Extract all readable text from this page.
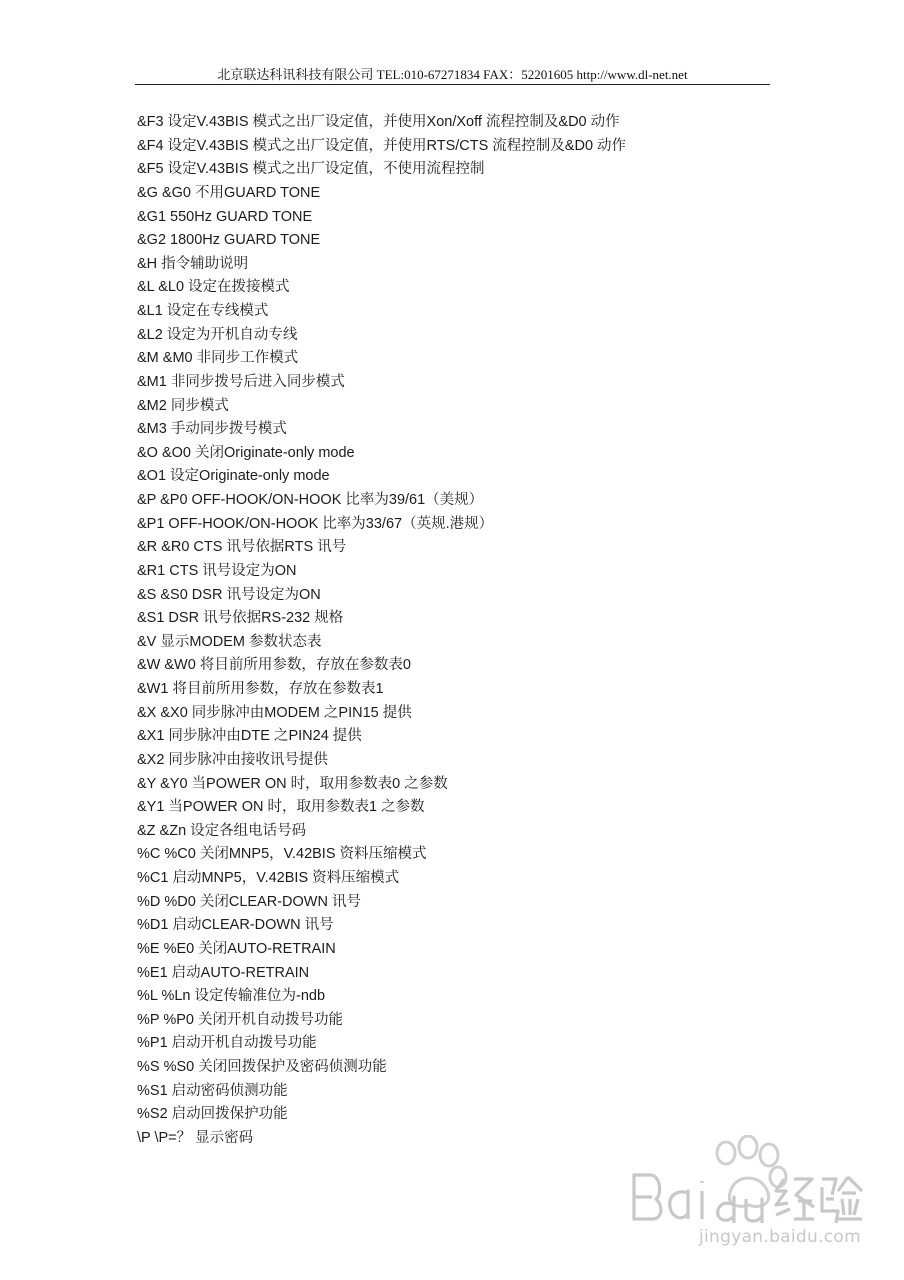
北京联达科讯科技有限公司 TEL:010-67271834 FAX：52201605 http://www.dl-net.net
&F3 设定V.43BIS 模式之出厂设定值，并使用Xon/Xoff 流程控制及&D0 动作
&F4 设定V.43BIS 模式之出厂设定值，并使用RTS/CTS 流程控制及&D0 动作
&F5 设定V.43BIS 模式之出厂设定值，不使用流程控制
&G &G0 不用GUARD TONE
&G1 550Hz GUARD TONE
&G2 1800Hz GUARD TONE
&H 指令辅助说明
&L &L0 设定在拨接模式
&L1 设定在专线模式
&L2 设定为开机自动专线
&M &M0 非同步工作模式
&M1 非同步拨号后进入同步模式
&M2 同步模式
&M3 手动同步拨号模式
&O &O0 关闭Originate-only mode
&O1 设定Originate-only mode
&P &P0 OFF-HOOK/ON-HOOK 比率为39/61（美规）
&P1 OFF-HOOK/ON-HOOK 比率为33/67（英规.港规）
&R &R0 CTS 讯号依据RTS 讯号
&R1 CTS 讯号设定为ON
&S &S0 DSR 讯号设定为ON
&S1 DSR 讯号依据RS-232 规格
&V 显示MODEM 参数状态表
&W &W0 将目前所用参数，存放在参数表0
&W1 将目前所用参数，存放在参数表1
&X &X0 同步脉冲由MODEM 之PIN15 提供
&X1 同步脉冲由DTE 之PIN24 提供
&X2 同步脉冲由接收讯号提供
&Y &Y0 当POWER ON 时，取用参数表0 之参数
&Y1 当POWER ON 时，取用参数表1 之参数
&Z &Zn 设定各组电话号码
%C %C0 关闭MNP5，V.42BIS 资料压缩模式
%C1 启动MNP5，V.42BIS 资料压缩模式
%D %D0 关闭CLEAR-DOWN 讯号
%D1 启动CLEAR-DOWN 讯号
%E %E0 关闭AUTO-RETRAIN
%E1 启动AUTO-RETRAIN
%L %Ln 设定传输准位为-ndb
%P %P0 关闭开机自动拨号功能
%P1 启动开机自动拨号功能
%S %S0 关闭回拨保护及密码侦测功能
%S1 启动密码侦测功能
%S2 启动回拨保护功能
\P \P=？ 显示密码
jingyan.baidu.com
